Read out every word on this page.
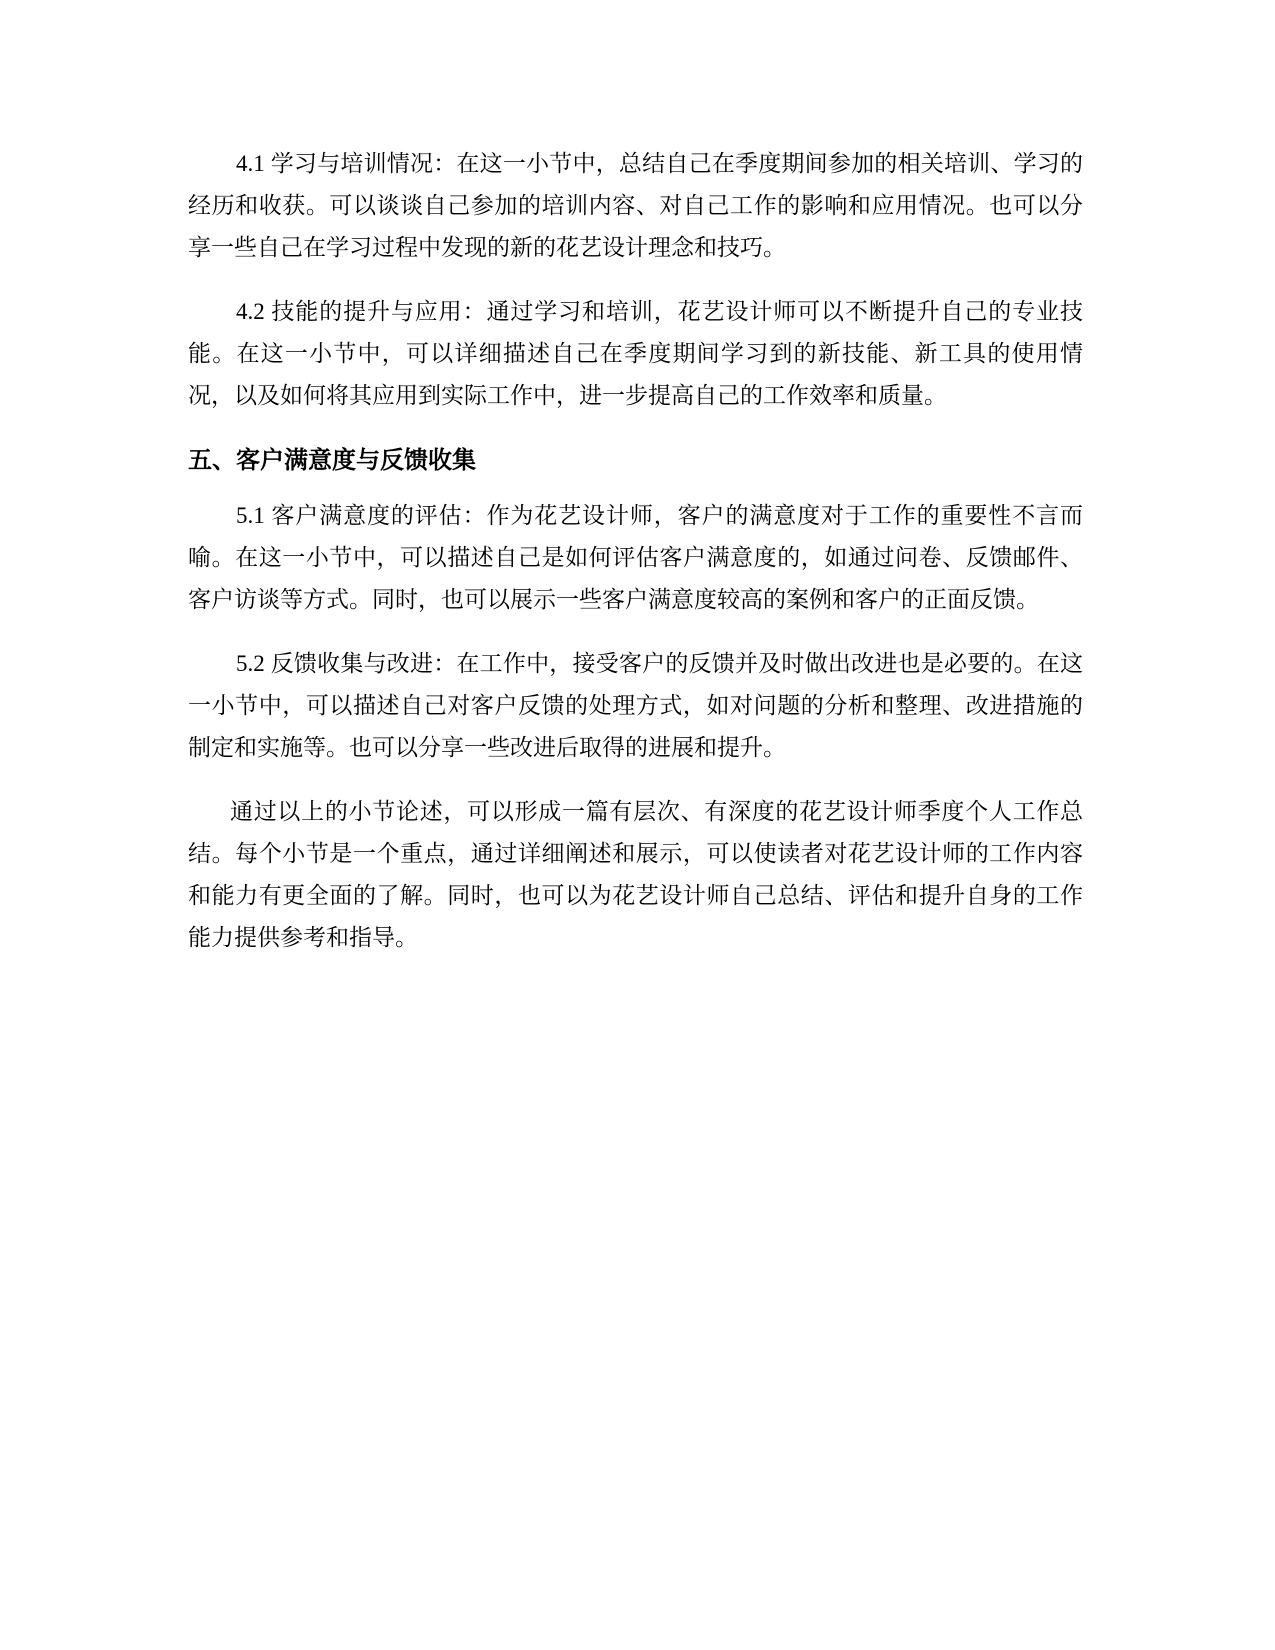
4.1 学习与培训情况：在这一小节中，总结自己在季度期间参加的相关培训、学习的经历和收获。可以谈谈自己参加的培训内容、对自己工作的影响和应用情况。也可以分享一些自己在学习过程中发现的新的花艺设计理念和技巧。

4.2 技能的提升与应用：通过学习和培训，花艺设计师可以不断提升自己的专业技能。在这一小节中，可以详细描述自己在季度期间学习到的新技能、新工具的使用情况，以及如何将其应用到实际工作中，进一步提高自己的工作效率和质量。

五、客户满意度与反馈收集

5.1 客户满意度的评估：作为花艺设计师，客户的满意度对于工作的重要性不言而喻。在这一小节中，可以描述自己是如何评估客户满意度的，如通过问卷、反馈邮件、客户访谈等方式。同时，也可以展示一些客户满意度较高的案例和客户的正面反馈。

5.2 反馈收集与改进：在工作中，接受客户的反馈并及时做出改进也是必要的。在这一小节中，可以描述自己对客户反馈的处理方式，如对问题的分析和整理、改进措施的制定和实施等。也可以分享一些改进后取得的进展和提升。

通过以上的小节论述，可以形成一篇有层次、有深度的花艺设计师季度个人工作总结。每个小节是一个重点，通过详细阐述和展示，可以使读者对花艺设计师的工作内容和能力有更全面的了解。同时，也可以为花艺设计师自己总结、评估和提升自身的工作能力提供参考和指导。
